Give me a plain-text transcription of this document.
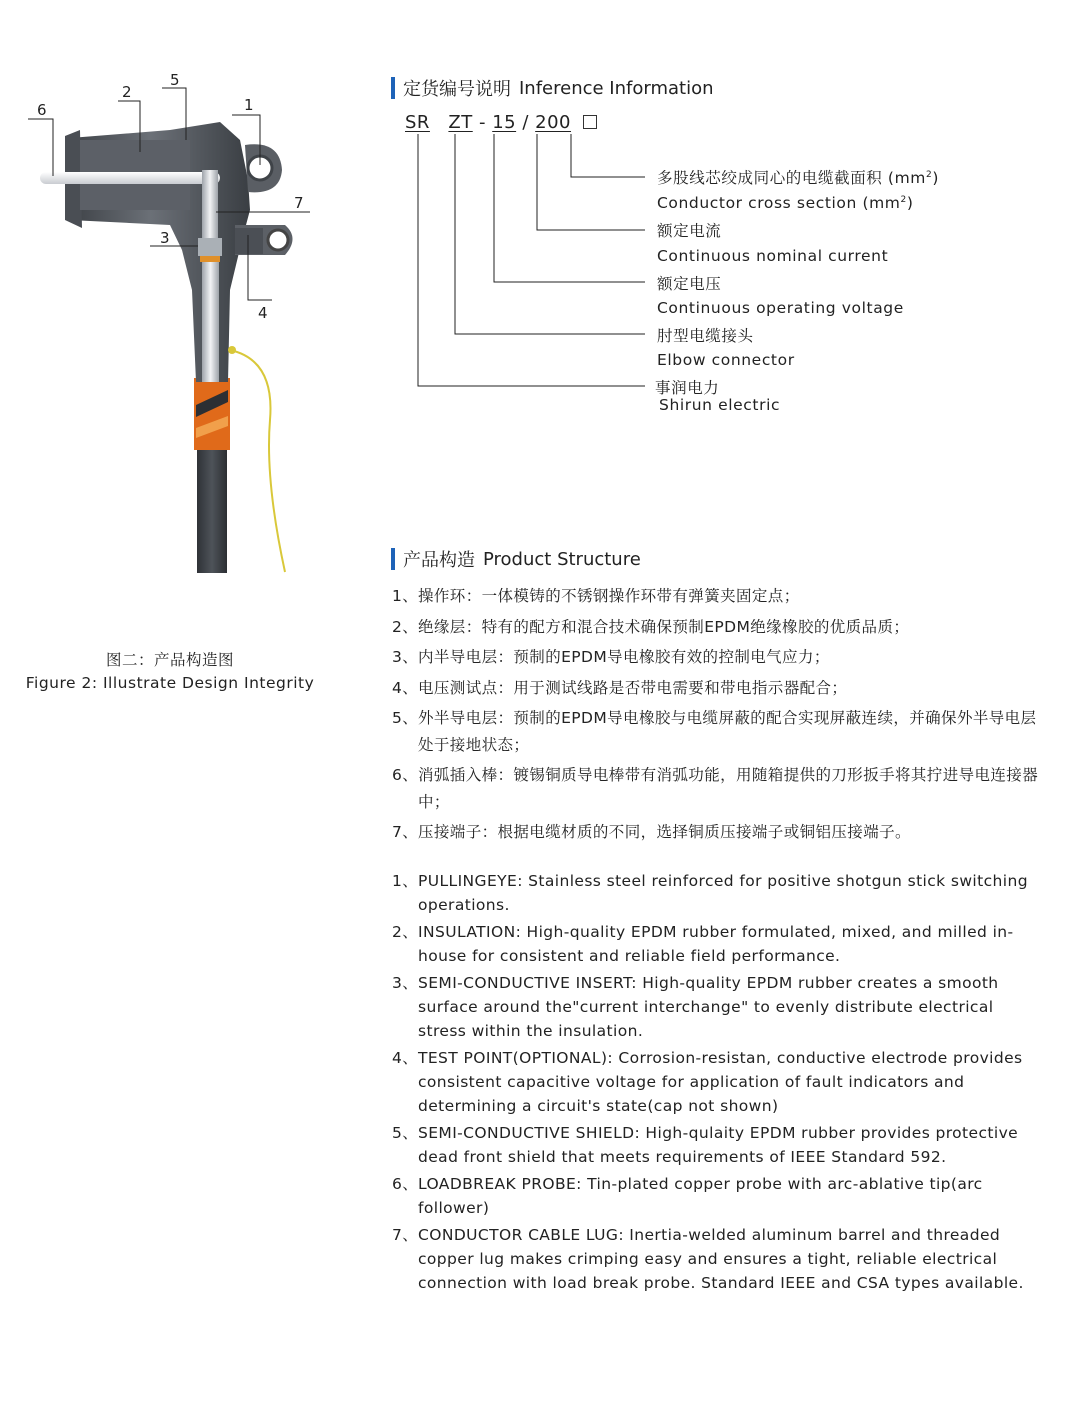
6
2
5
1
7
3
4
图二：产品构造图
Figure 2: Illustrate Design Integrity
定货编号说明 Inference Information
SR ZT - 15 / 200
多股线芯绞成同心的电缆截面积 $(mm^2)$
Conductor cross section $(mm^2)$
额定电流
Continuous nominal current
额定电压
Continuous operating voltage
肘型电缆接头
Elbow connector
事润电力
Shirun electric
产品构造 Product Structure
1、 操作环：一体模铸的不锈钢操作环带有弹簧夹固定点；
2、 绝缘层：特有的配方和混合技术确保预制EPDM绝缘橡胶的优质品质；
3、 内半导电层：预制的EPDM导电橡胶有效的控制电气应力；
4、 电压测试点：用于测试线路是否带电需要和带电指示器配合；
5、 外半导电层：预制的EPDM导电橡胶与电缆屏蔽的配合实现屏蔽连续，并确保外半导电层处于接地状态；
6、 消弧插入棒：镀锡铜质导电棒带有消弧功能，用随箱提供的刀形扳手将其拧进导电连接器中；
7、 压接端子：根据电缆材质的不同，选择铜质压接端子或铜铝压接端子。
1、 PULLINGEYE: Stainless steel reinforced for positive shotgun stick switching operations.
2、 INSULATION: High-quality EPDM rubber formulated, mixed, and milled in-house for consistent and reliable field performance.
3、 SEMI-CONDUCTIVE INSERT: High-quality EPDM rubber creates a smooth surface around the"current interchange" to evenly distribute electrical stress within the insulation.
4、 TEST POINT(OPTIONAL): Corrosion-resistan, conductive electrode provides consistent capacitive voltage for application of fault indicators and determining a circuit's state(cap not shown)
5、 SEMI-CONDUCTIVE SHIELD: High-qulaity EPDM rubber provides protective dead front shield that meets requirements of IEEE Standard 592.
6、 LOADBREAK PROBE: Tin-plated copper probe with arc-ablative tip(arc follower)
7、 CONDUCTOR CABLE LUG: Inertia-welded aluminum barrel and threaded copper lug makes crimping easy and ensures a tight, reliable electrical connection with load break probe. Standard IEEE and CSA types available.
